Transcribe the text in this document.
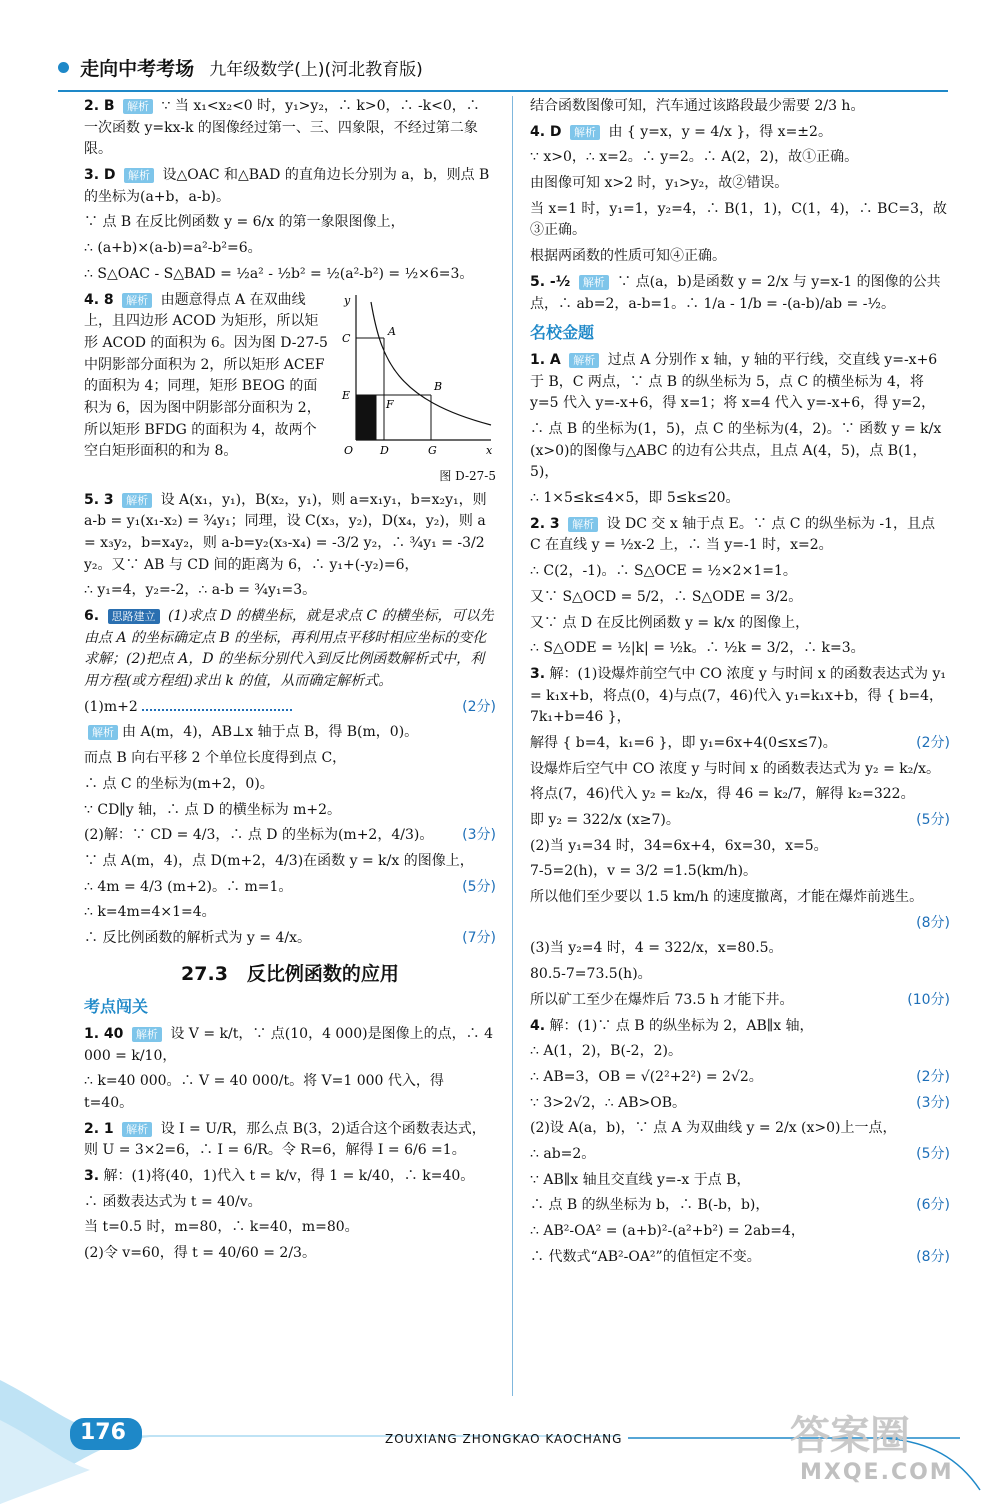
走向中考考场 九年级数学(上)(河北教育版)

2. B 解析 ∵ 当 x₁<x₂<0 时，y₁>y₂，∴ k>0，∴ -k<0，∴ 一次函数 y=kx-k 的图像经过第一、三、四象限，不经过第二象限。

3. D 解析 设△OAC 和△BAD 的直角边长分别为 a，b，则点 B 的坐标为(a+b，a-b)。

∵ 点 B 在反比例函数 y = 6/x 的第一象限图像上，

∴ (a+b)×(a-b)=a²-b²=6。

∴ S△OAC - S△BAD = ½a² - ½b² = ½(a²-b²) = ½×6=3。

y
x
A
B
C
E
F
O D	G

4. 8 解析 由题意得点 A 在双曲线上，且四边形 ACOD 为矩形，所以矩形 ACOD 的面积为 6。因为图 D-27-5 中阴影部分面积为 2，所以矩形 ACEF 的面积为 4；同理，矩形 BEOG 的面积为 6，因为图中阴影部分面积为 2，所以矩形 BFDG 的面积为 4，故两个空白矩形面积的和为 8。

图 D-27-5

5. 3 解析 设 A(x₁，y₁)，B(x₂，y₁)，则 a=x₁y₁，b=x₂y₁，则 a-b = y₁(x₁-x₂) = ¾y₁；同理，设 C(x₃，y₂)，D(x₄，y₂)，则 a = x₃y₂，b=x₄y₂，则 a-b=y₂(x₃-x₄) = -3/2 y₂，∴ ¾y₁ = -3/2 y₂。又∵ AB 与 CD 间的距离为 6，∴ y₁+(-y₂)=6，

∴ y₁=4，y₂=-2，∴ a-b = ¾y₁=3。

6. 思路建立 (1)求点 D 的横坐标，就是求点 C 的横坐标，可以先由点 A 的坐标确定点 B 的坐标，再利用点平移时相应坐标的变化求解；(2)把点 A，D 的坐标分别代入到反比例函数解析式中，利用方程(或方程组)求出 k 的值，从而确定解析式。

(1)m+2	(2分)

解析 由 A(m，4)，AB⊥x 轴于点 B，得 B(m，0)。

而点 B 向右平移 2 个单位长度得到点 C，

∴ 点 C 的坐标为(m+2，0)。

∵ CD∥y 轴，∴ 点 D 的横坐标为 m+2。

(2)解：∵ CD = 4/3，∴ 点 D 的坐标为(m+2，4/3)。 (3分)

∵ 点 A(m，4)，点 D(m+2，4/3)在函数 y = k/x 的图像上，

∴ 4m = 4/3 (m+2)。∴ m=1。	(5分)

∴ k=4m=4×1=4。

∴ 反比例函数的解析式为 y = 4/x。	(7分)

27.3　反比例函数的应用
考点闯关

1. 40 解析 设 V = k/t，∵ 点(10，4 000)是图像上的点，∴ 4 000 = k/10，

∴ k=40 000。∴ V = 40 000/t。将 V=1 000 代入，得 t=40。

2. 1 解析 设 I = U/R，那么点 B(3，2)适合这个函数表达式，则 U = 3×2=6，∴ I = 6/R。令 R=6，解得 I = 6/6 =1。

3. 解：(1)将(40，1)代入 t = k/v，得 1 = k/40，∴ k=40。

∴ 函数表达式为 t = 40/v。

当 t=0.5 时，m=80，∴ k=40，m=80。

(2)令 v=60，得 t = 40/60 = 2/3。

结合函数图像可知，汽车通过该路段最少需要 2/3 h。

4. D 解析 由 { y=x，y = 4/x }，得 x=±2。

∵ x>0，∴ x=2。∴ y=2。∴ A(2，2)，故①正确。

由图像可知 x>2 时，y₁>y₂，故②错误。

当 x=1 时，y₁=1，y₂=4，∴ B(1，1)，C(1，4)，∴ BC=3，故③正确。

根据两函数的性质可知④正确。

5. -½ 解析 ∵ 点(a，b)是函数 y = 2/x 与 y=x-1 的图像的公共点，∴ ab=2，a-b=1。∴ 1/a - 1/b = -(a-b)/ab = -½。

名校金题

1. A 解析 过点 A 分别作 x 轴，y 轴的平行线，交直线 y=-x+6 于 B，C 两点，∵ 点 B 的纵坐标为 5，点 C 的横坐标为 4，将 y=5 代入 y=-x+6，得 x=1；将 x=4 代入 y=-x+6，得 y=2，

∴ 点 B 的坐标为(1，5)，点 C 的坐标为(4，2)。∵ 函数 y = k/x (x>0)的图像与△ABC 的边有公共点，且点 A(4，5)，点 B(1，5)，

∴ 1×5≤k≤4×5，即 5≤k≤20。

2. 3 解析 设 DC 交 x 轴于点 E。∵ 点 C 的纵坐标为 -1，且点 C 在直线 y = ½x-2 上，∴ 当 y=-1 时，x=2。

∴ C(2，-1)。∴ S△OCE = ½×2×1=1。

又∵ S△OCD = 5/2，∴ S△ODE = 3/2。

又∵ 点 D 在反比例函数 y = k/x 的图像上，

∴ S△ODE = ½|k| = ½k。∴ ½k = 3/2，∴ k=3。

3. 解：(1)设爆炸前空气中 CO 浓度 y 与时间 x 的函数表达式为 y₁ = k₁x+b，将点(0，4)与点(7，46)代入 y₁=k₁x+b，得 { b=4，7k₁+b=46 }，

解得 { b=4，k₁=6 }，即 y₁=6x+4(0≤x≤7)。	(2分)

设爆炸后空气中 CO 浓度 y 与时间 x 的函数表达式为 y₂ = k₂/x。

将点(7，46)代入 y₂ = k₂/x，得 46 = k₂/7，解得 k₂=322。

即 y₂ = 322/x (x≥7)。	(5分)

(2)当 y₁=34 时，34=6x+4，6x=30，x=5。

7-5=2(h)，v = 3/2 =1.5(km/h)。

所以他们至少要以 1.5 km/h 的速度撤离，才能在爆炸前逃生。

(8分)

(3)当 y₂=4 时，4 = 322/x，x=80.5。

80.5-7=73.5(h)。

所以矿工至少在爆炸后 73.5 h 才能下井。	(10分)

4. 解：(1)∵ 点 B 的纵坐标为 2，AB∥x 轴，

∴ A(1，2)，B(-2，2)。

∴ AB=3，OB = √(2²+2²) = 2√2。	(2分)

∵ 3>2√2，∴ AB>OB。	(3分)

(2)设 A(a，b)，∵ 点 A 为双曲线 y = 2/x (x>0)上一点，

∴ ab=2。	(5分)

∵ AB∥x 轴且交直线 y=-x 于点 B，

∴ 点 B 的纵坐标为 b，∴ B(-b，b)，	(6分)

∴ AB²-OA² = (a+b)²-(a²+b²) = 2ab=4，

∴ 代数式“AB²-OA²”的值恒定不变。	(8分)

176	ZOUXIANG ZHONGKAO KAOCHANG	答案圈
MXQE.COM
